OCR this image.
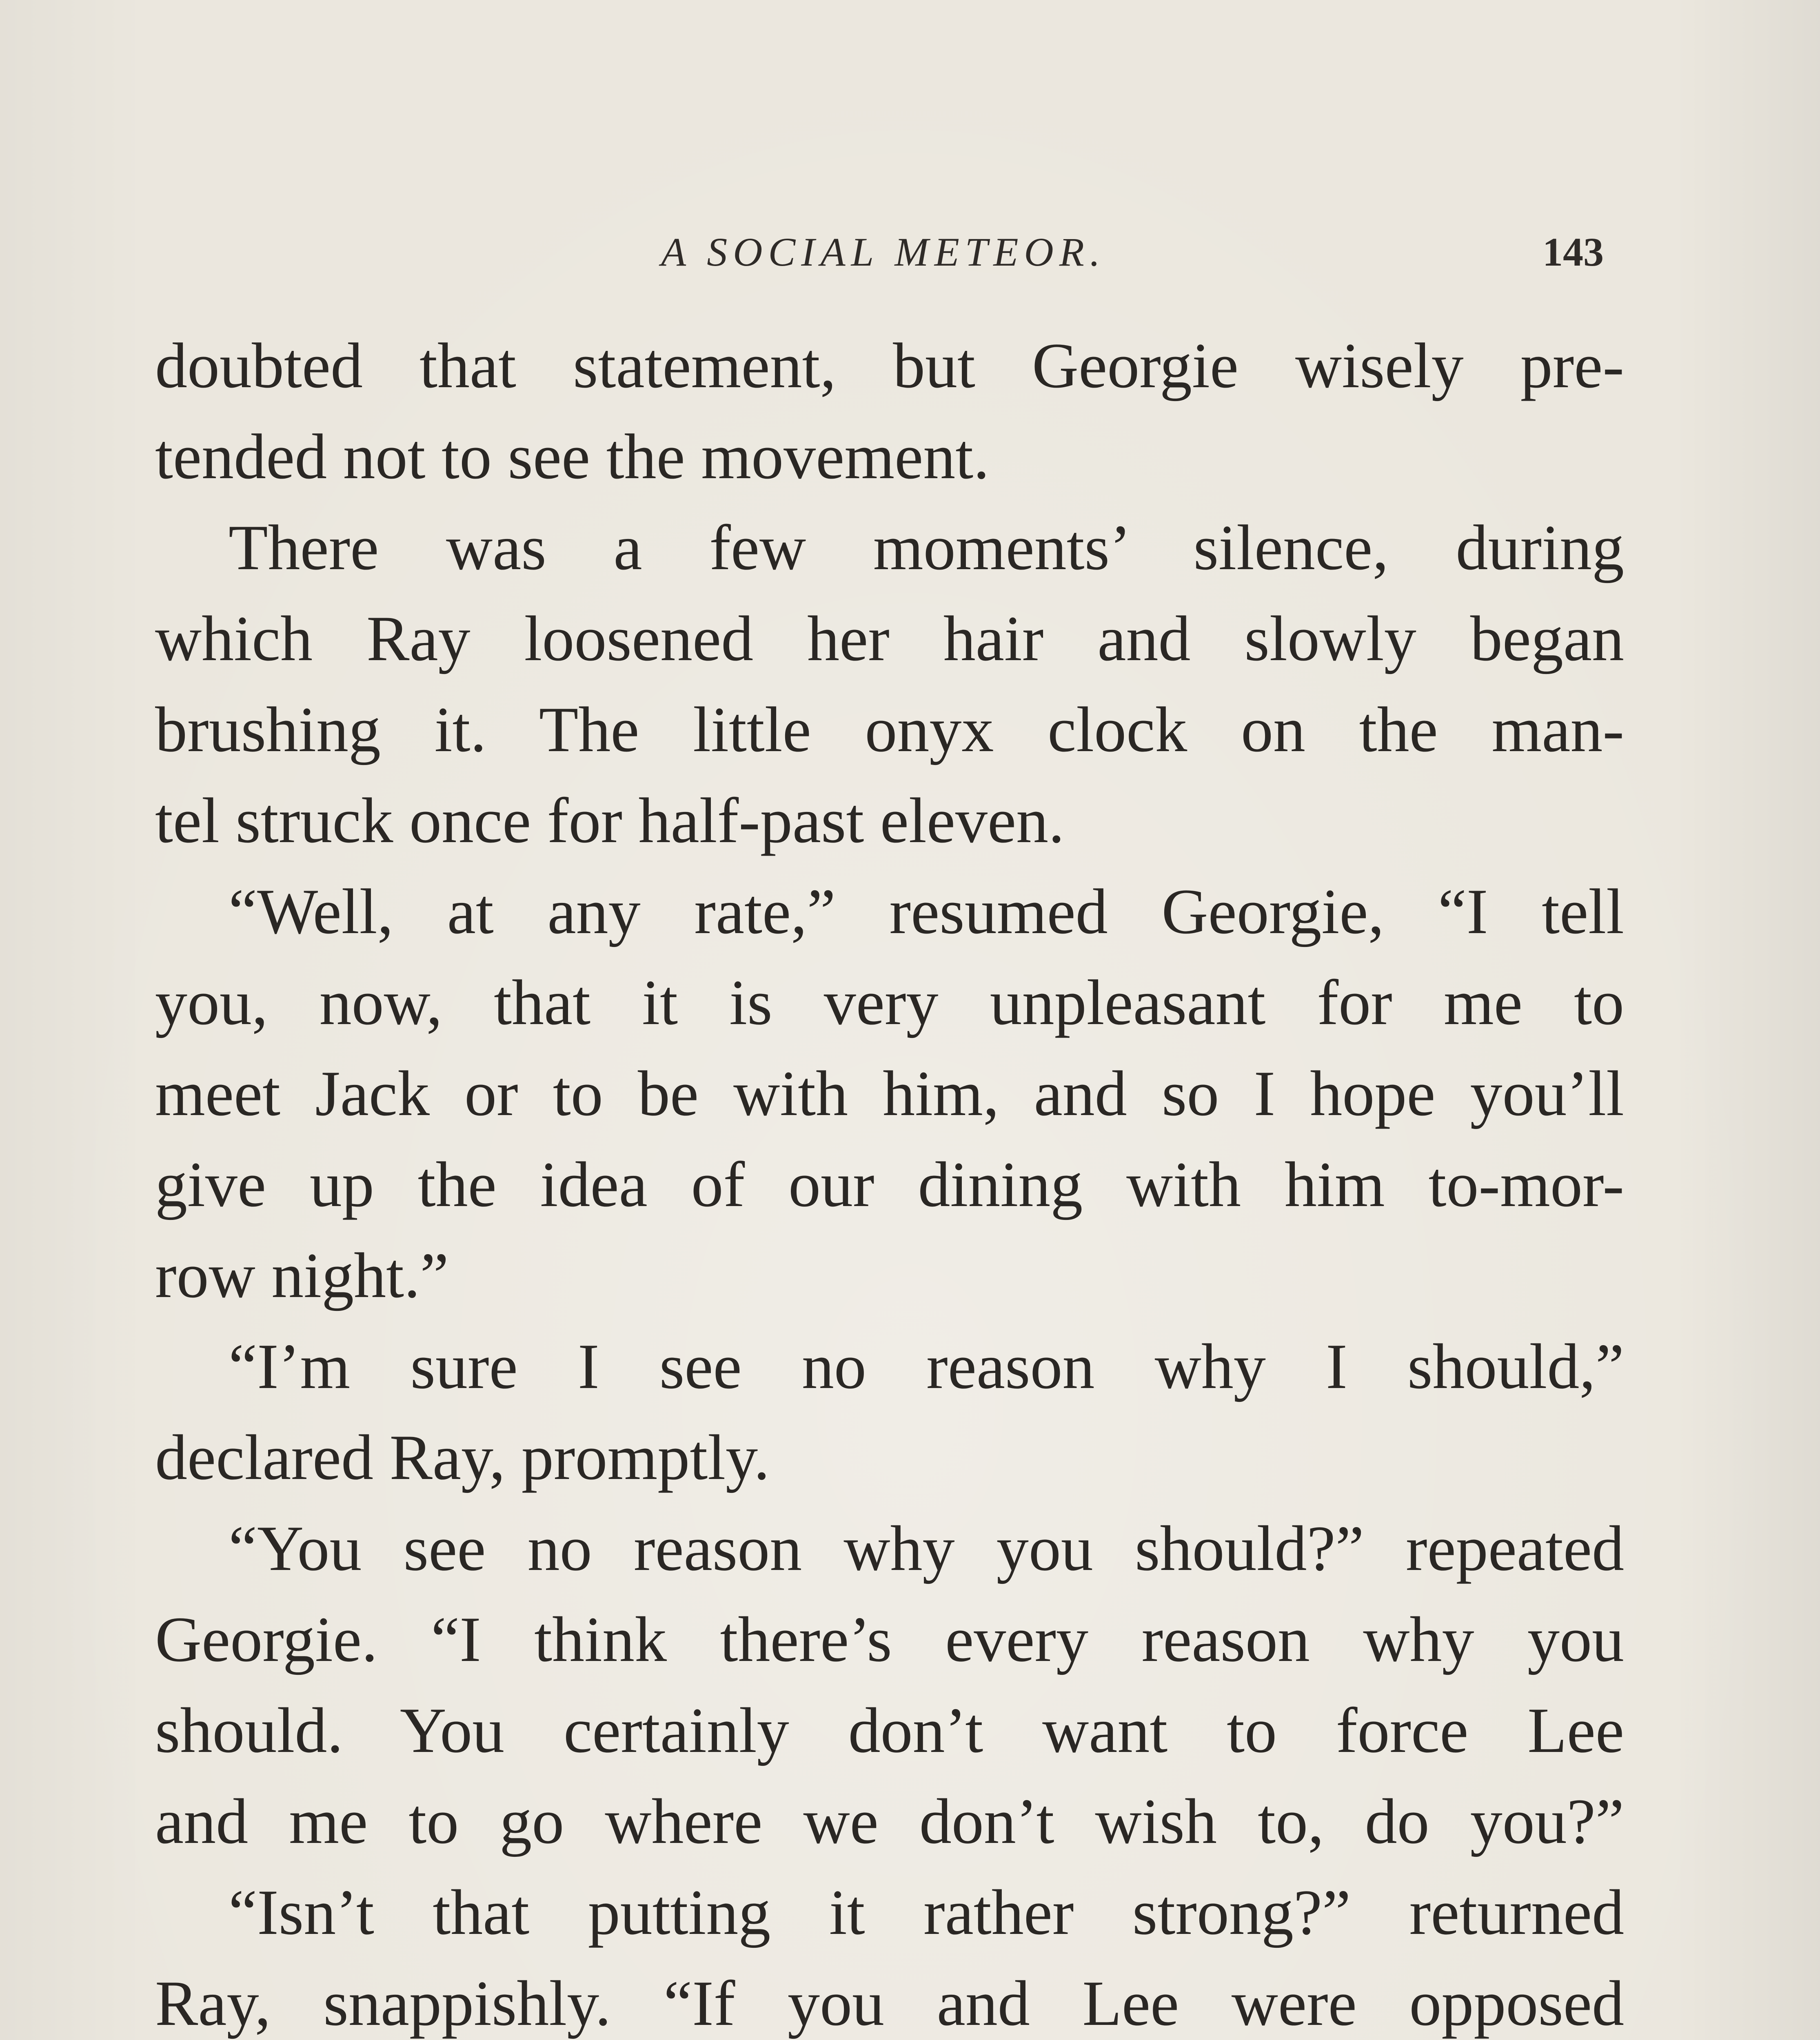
A SOCIAL METEOR.	143
doubted that statement, but Georgie wisely pre-
tended not to see the movement.
There was a few moments’ silence, during
which Ray loosened her hair and slowly began
brushing it. The little onyx clock on the man-
tel struck once for half-past eleven.
“Well, at any rate,” resumed Georgie, “I tell
you, now, that it is very unpleasant for me to
meet Jack or to be with him, and so I hope you’ll
give up the idea of our dining with him to-mor-
row night.”
“I’m sure I see no reason why I should,”
declared Ray, promptly.
“You see no reason why you should?” repeated
Georgie. “I think there’s every reason why you
should. You certainly don’t want to force Lee
and me to go where we don’t wish to, do you?”
“Isn’t that putting it rather strong?” returned
Ray, snappishly. “If you and Lee were opposed
